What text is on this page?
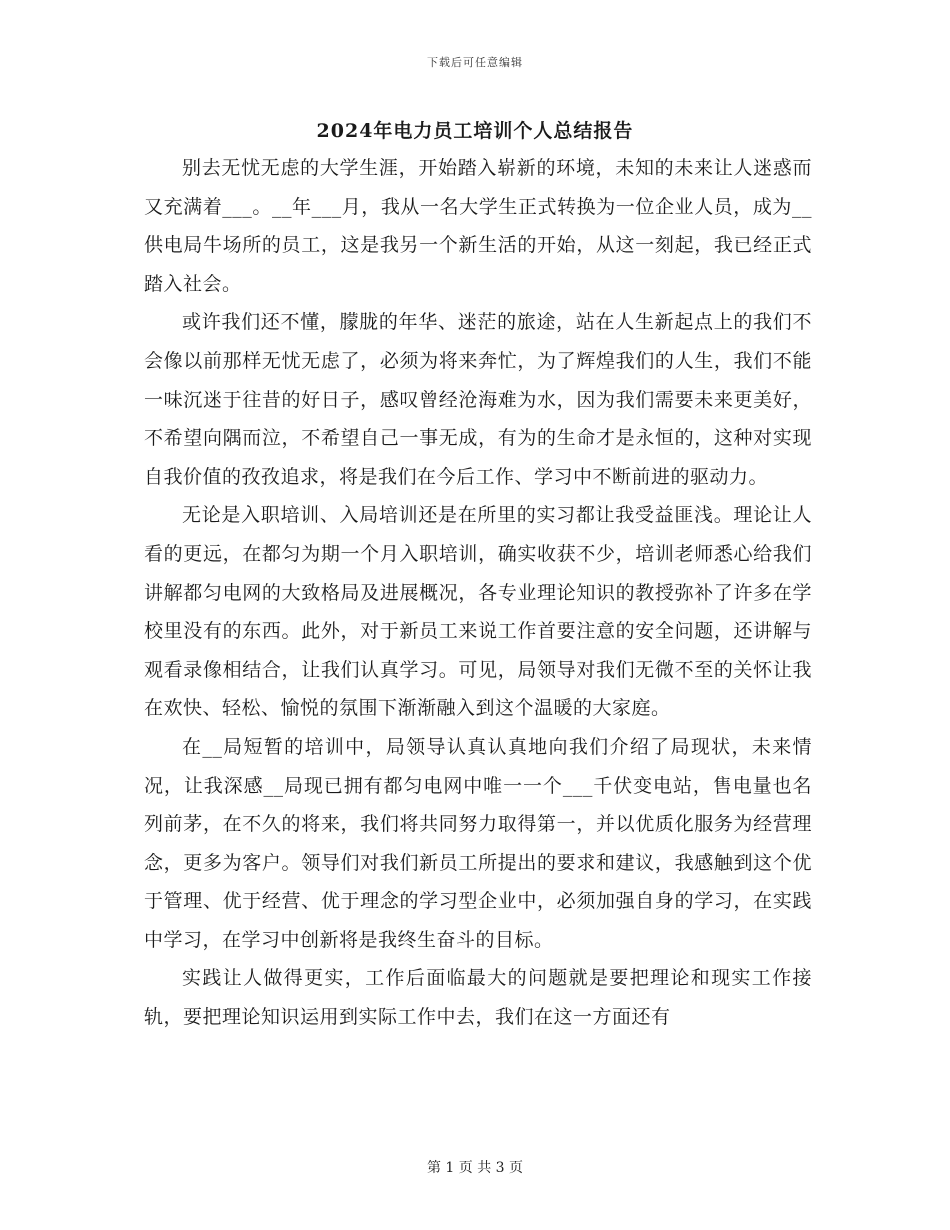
下载后可任意编辑
2024年电力员工培训个人总结报告

别去无忧无虑的大学生涯，开始踏入崭新的环境，未知的未来让人迷惑而又充满着___。__年___月，我从一名大学生正式转换为一位企业人员，成为__供电局牛场所的员工，这是我另一个新生活的开始，从这一刻起，我已经正式踏入社会。

或许我们还不懂，朦胧的年华、迷茫的旅途，站在人生新起点上的我们不会像以前那样无忧无虑了，必须为将来奔忙，为了辉煌我们的人生，我们不能一味沉迷于往昔的好日子，感叹曾经沧海难为水，因为我们需要未来更美好，不希望向隅而泣，不希望自己一事无成，有为的生命才是永恒的，这种对实现自我价值的孜孜追求，将是我们在今后工作、学习中不断前进的驱动力。

无论是入职培训、入局培训还是在所里的实习都让我受益匪浅。理论让人看的更远，在都匀为期一个月入职培训，确实收获不少，培训老师悉心给我们讲解都匀电网的大致格局及进展概况，各专业理论知识的教授弥补了许多在学校里没有的东西。此外，对于新员工来说工作首要注意的安全问题，还讲解与观看录像相结合，让我们认真学习。可见，局领导对我们无微不至的关怀让我在欢快、轻松、愉悦的氛围下渐渐融入到这个温暖的大家庭。

在__局短暂的培训中，局领导认真认真地向我们介绍了局现状，未来情况，让我深感__局现已拥有都匀电网中唯一一个___千伏变电站，售电量也名列前茅，在不久的将来，我们将共同努力取得第一，并以优质化服务为经营理念，更多为客户。领导们对我们新员工所提出的要求和建议，我感触到这个优于管理、优于经营、优于理念的学习型企业中，必须加强自身的学习，在实践中学习，在学习中创新将是我终生奋斗的目标。

实践让人做得更实，工作后面临最大的问题就是要把理论和现实工作接轨，要把理论知识运用到实际工作中去，我们在这一方面还有

第 1 页 共 3 页
